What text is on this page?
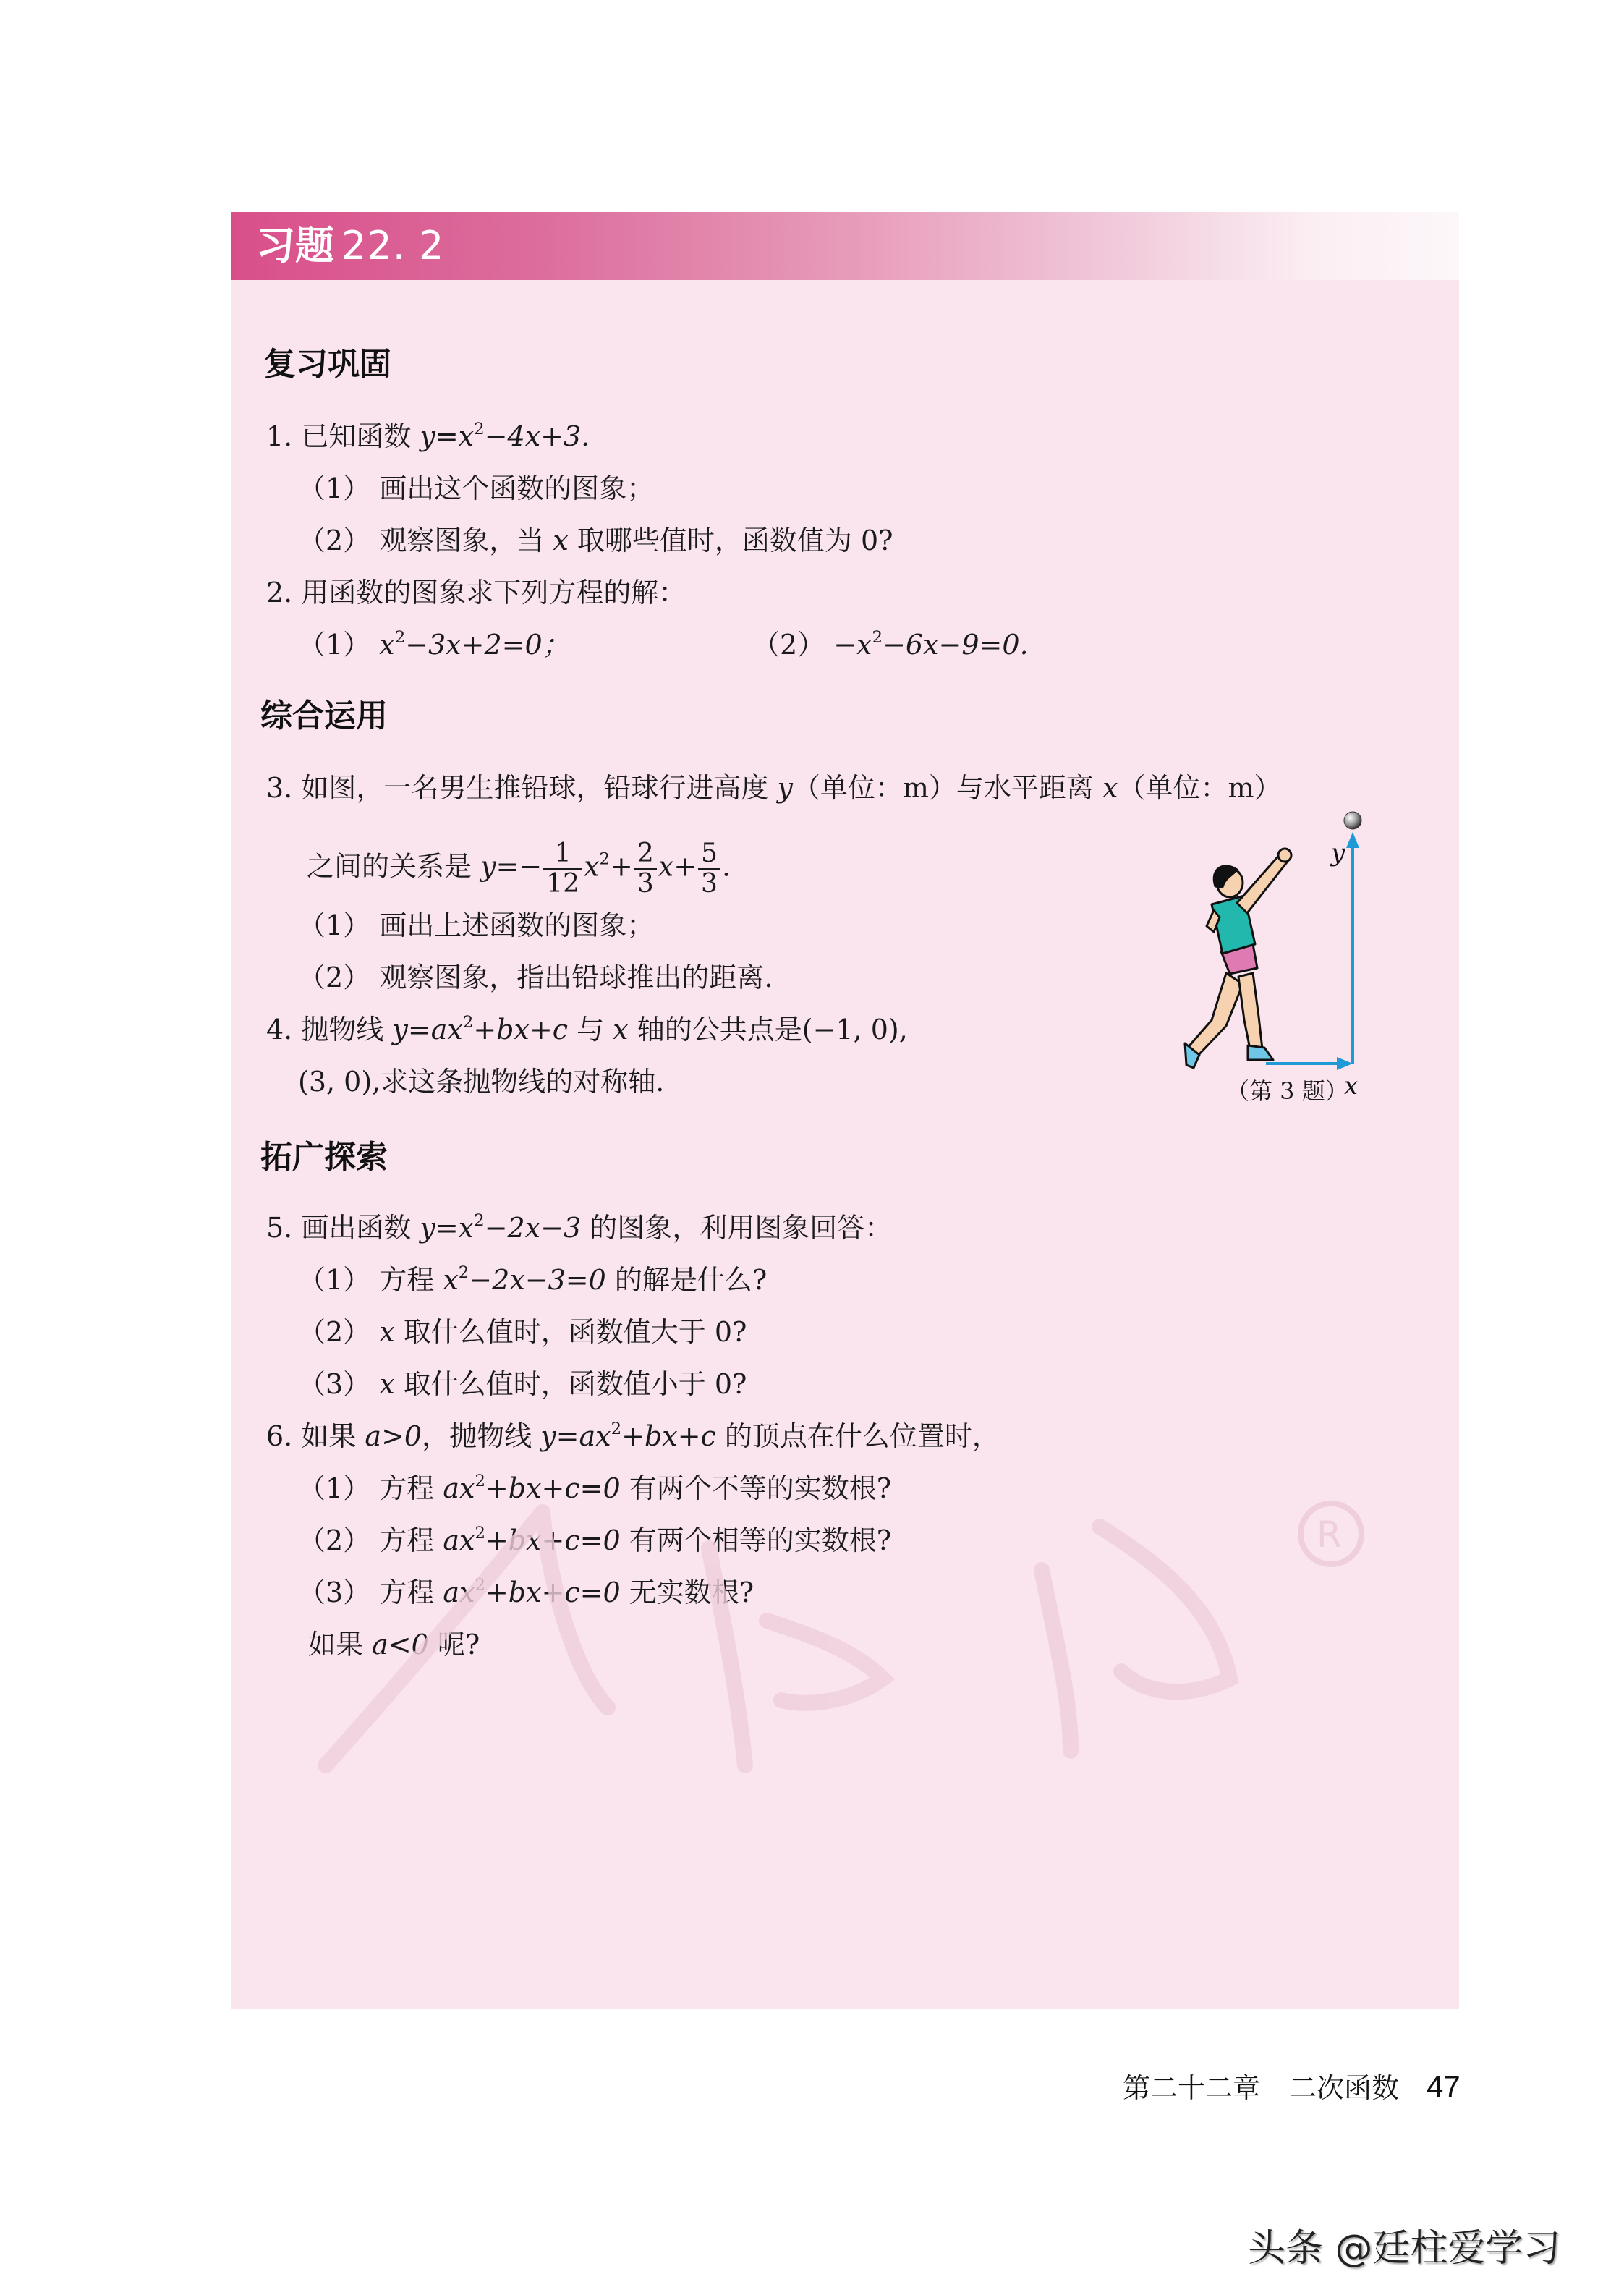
习题 22. 2
复习巩固
1. 已知函数 $y=x^2-4x+3$.
（1） 画出这个函数的图象；
（2） 观察图象，当 x 取哪些值时，函数值为 0?
2. 用函数的图象求下列方程的解：
（1） $x^2-3x+2=0$；	$(2) -x^2-6x-9=0$.
综合运用
3. 如图，一名男生推铅球，铅球行进高度 y（单位：m）与水平距离 x（单位：m）
之间的关系是 $y=- \frac{1}{12} x^2+ \frac{2}{3} x+ \frac{5}{3}$ .
（1） 画出上述函数的图象；
（2） 观察图象，指出铅球推出的距离.
4. 抛物线 $y=ax^2+bx+c$ 与 x 轴的公共点是(−1, 0),
(3, 0),求这条抛物线的对称轴.
y
x
（第 3 题）
拓广探索
5. 画出函数 $y=x^2-2x-3$ 的图象，利用图象回答：
（1） 方程 $x^2-2x-3=0$ 的解是什么?
（2） x 取什么值时，函数值大于 0?
（3） x 取什么值时，函数值小于 0?
6. 如果 a>0，抛物线 $y=ax^2+bx+c$ 的顶点在什么位置时，
（1） 方程 $ax^2+bx+c=0$ 有两个不等的实数根?
（2） 方程 $ax^2+bx+c=0$ 有两个相等的实数根?
（3） 方程 $ax^2+bx+c=0$ 无实数根?
如果 a<0 呢?
R
第二十二章 二次函数 47
头条 @廷柱爱学习
